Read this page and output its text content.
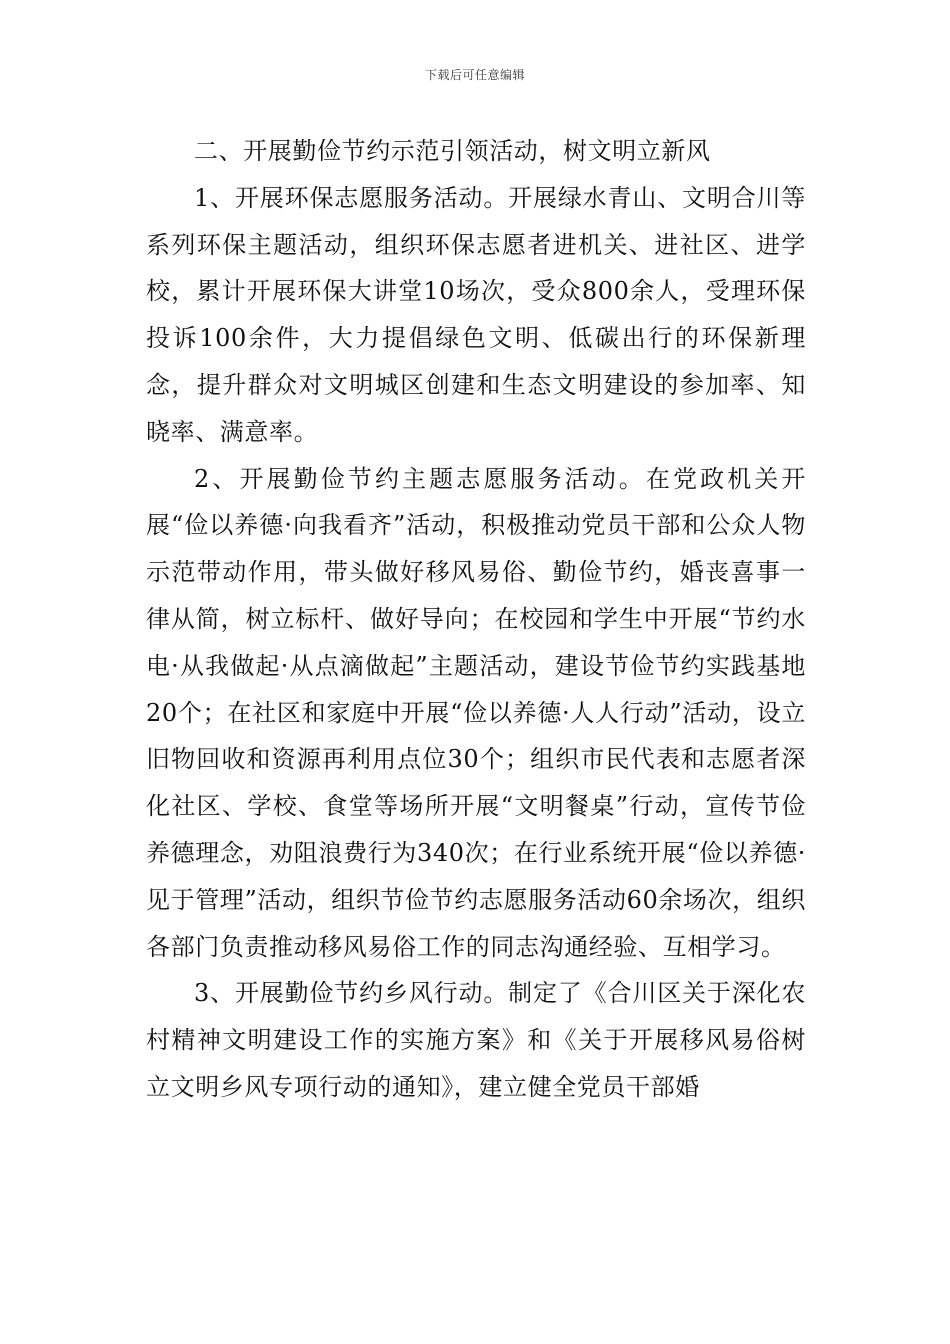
下载后可任意编辑

二、开展勤俭节约示范引领活动，树文明立新风

1、开展环保志愿服务活动。开展绿水青山、文明合川等系列环保主题活动，组织环保志愿者进机关、进社区、进学校，累计开展环保大讲堂10场次，受众800余人，受理环保投诉100余件，大力提倡绿色文明、低碳出行的环保新理念，提升群众对文明城区创建和生态文明建设的参加率、知晓率、满意率。

2、开展勤俭节约主题志愿服务活动。在党政机关开展“俭以养德·向我看齐”活动，积极推动党员干部和公众人物示范带动作用，带头做好移风易俗、勤俭节约，婚丧喜事一律从简，树立标杆、做好导向；在校园和学生中开展“节约水电·从我做起·从点滴做起”主题活动，建设节俭节约实践基地20个；在社区和家庭中开展“俭以养德·人人行动”活动，设立旧物回收和资源再利用点位30个；组织市民代表和志愿者深化社区、学校、食堂等场所开展“文明餐桌”行动，宣传节俭养德理念，劝阻浪费行为340次；在行业系统开展“俭以养德·见于管理”活动，组织节俭节约志愿服务活动60余场次，组织各部门负责推动移风易俗工作的同志沟通经验、互相学习。

3、开展勤俭节约乡风行动。制定了《合川区关于深化农村精神文明建设工作的实施方案》和《关于开展移风易俗树立文明乡风专项行动的通知》，建立健全党员干部婚
